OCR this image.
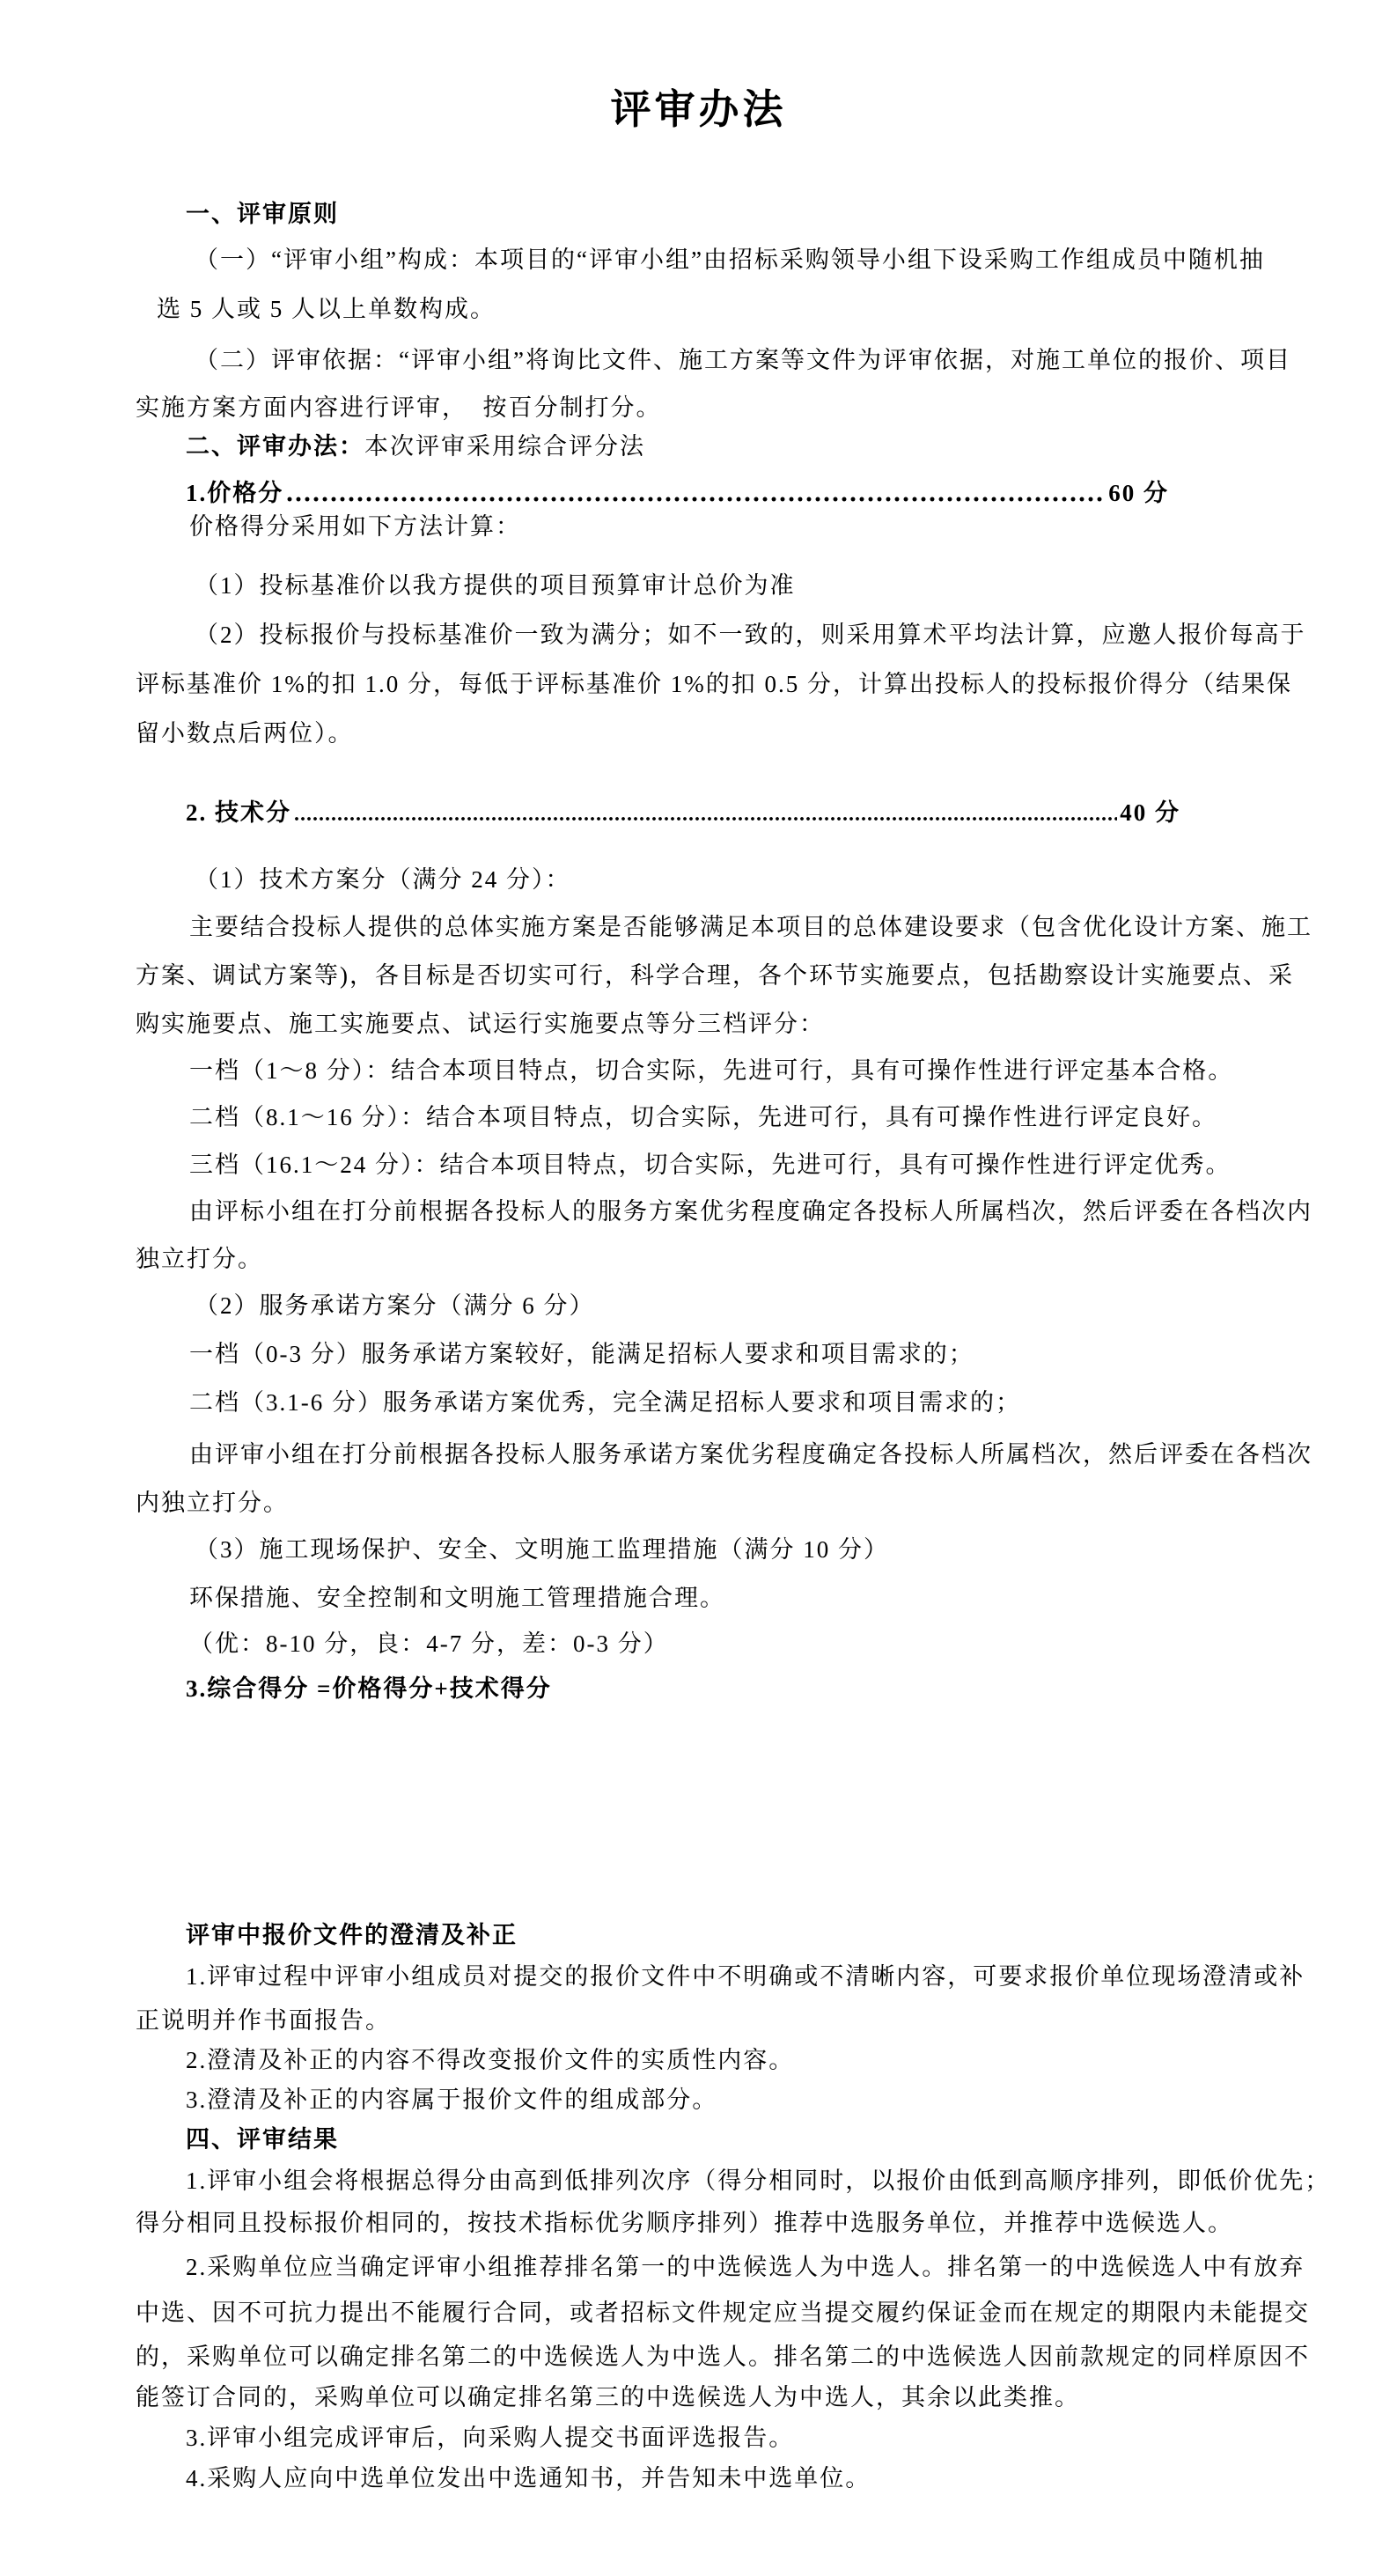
评审办法
一、评审原则
（一）“评审小组”构成：本项目的“评审小组”由招标采购领导小组下设采购工作组成员中随机抽
选 5 人或 5 人以上单数构成。
（二）评审依据：“评审小组”将询比文件、施工方案等文件为评审依据，对施工单位的报价、项目
实施方案方面内容进行评审，  按百分制打分。
二、评审办法：本次评审采用综合评分法
1.价格分	60 分
价格得分采用如下方法计算：
（1）投标基准价以我方提供的项目预算审计总价为准
（2）投标报价与投标基准价一致为满分；如不一致的，则采用算术平均法计算，应邀人报价每高于
评标基准价 1%的扣 1.0 分，每低于评标基准价 1%的扣 0.5 分，计算出投标人的投标报价得分（结果保
留小数点后两位）。
2. 技术分	40 分
（1）技术方案分（满分 24 分）：
主要结合投标人提供的总体实施方案是否能够满足本项目的总体建设要求（包含优化设计方案、施工
方案、调试方案等)，各目标是否切实可行，科学合理，各个环节实施要点，包括勘察设计实施要点、采
购实施要点、施工实施要点、试运行实施要点等分三档评分：
一档（1～8 分）：结合本项目特点，切合实际，先进可行，具有可操作性进行评定基本合格。
二档（8.1～16 分）：结合本项目特点，切合实际，先进可行，具有可操作性进行评定良好。
三档（16.1～24 分）：结合本项目特点，切合实际，先进可行，具有可操作性进行评定优秀。
由评标小组在打分前根据各投标人的服务方案优劣程度确定各投标人所属档次，然后评委在各档次内
独立打分。
（2）服务承诺方案分（满分 6 分）
一档（0-3 分）服务承诺方案较好，能满足招标人要求和项目需求的；
二档（3.1-6 分）服务承诺方案优秀，完全满足招标人要求和项目需求的；
由评审小组在打分前根据各投标人服务承诺方案优劣程度确定各投标人所属档次，然后评委在各档次
内独立打分。
（3）施工现场保护、安全、文明施工监理措施（满分 10 分）
环保措施、安全控制和文明施工管理措施合理。
（优：8-10 分，良：4-7 分，差：0-3 分）
3.综合得分 =价格得分+技术得分
评审中报价文件的澄清及补正
1.评审过程中评审小组成员对提交的报价文件中不明确或不清晰内容，可要求报价单位现场澄清或补
正说明并作书面报告。
2.澄清及补正的内容不得改变报价文件的实质性内容。
3.澄清及补正的内容属于报价文件的组成部分。
四、评审结果
1.评审小组会将根据总得分由高到低排列次序（得分相同时，以报价由低到高顺序排列，即低价优先；
得分相同且投标报价相同的，按技术指标优劣顺序排列）推荐中选服务单位，并推荐中选候选人。
2.采购单位应当确定评审小组推荐排名第一的中选候选人为中选人。排名第一的中选候选人中有放弃
中选、因不可抗力提出不能履行合同，或者招标文件规定应当提交履约保证金而在规定的期限内未能提交
的，采购单位可以确定排名第二的中选候选人为中选人。排名第二的中选候选人因前款规定的同样原因不
能签订合同的，采购单位可以确定排名第三的中选候选人为中选人，其余以此类推。
3.评审小组完成评审后，向采购人提交书面评选报告。
4.采购人应向中选单位发出中选通知书，并告知未中选单位。
